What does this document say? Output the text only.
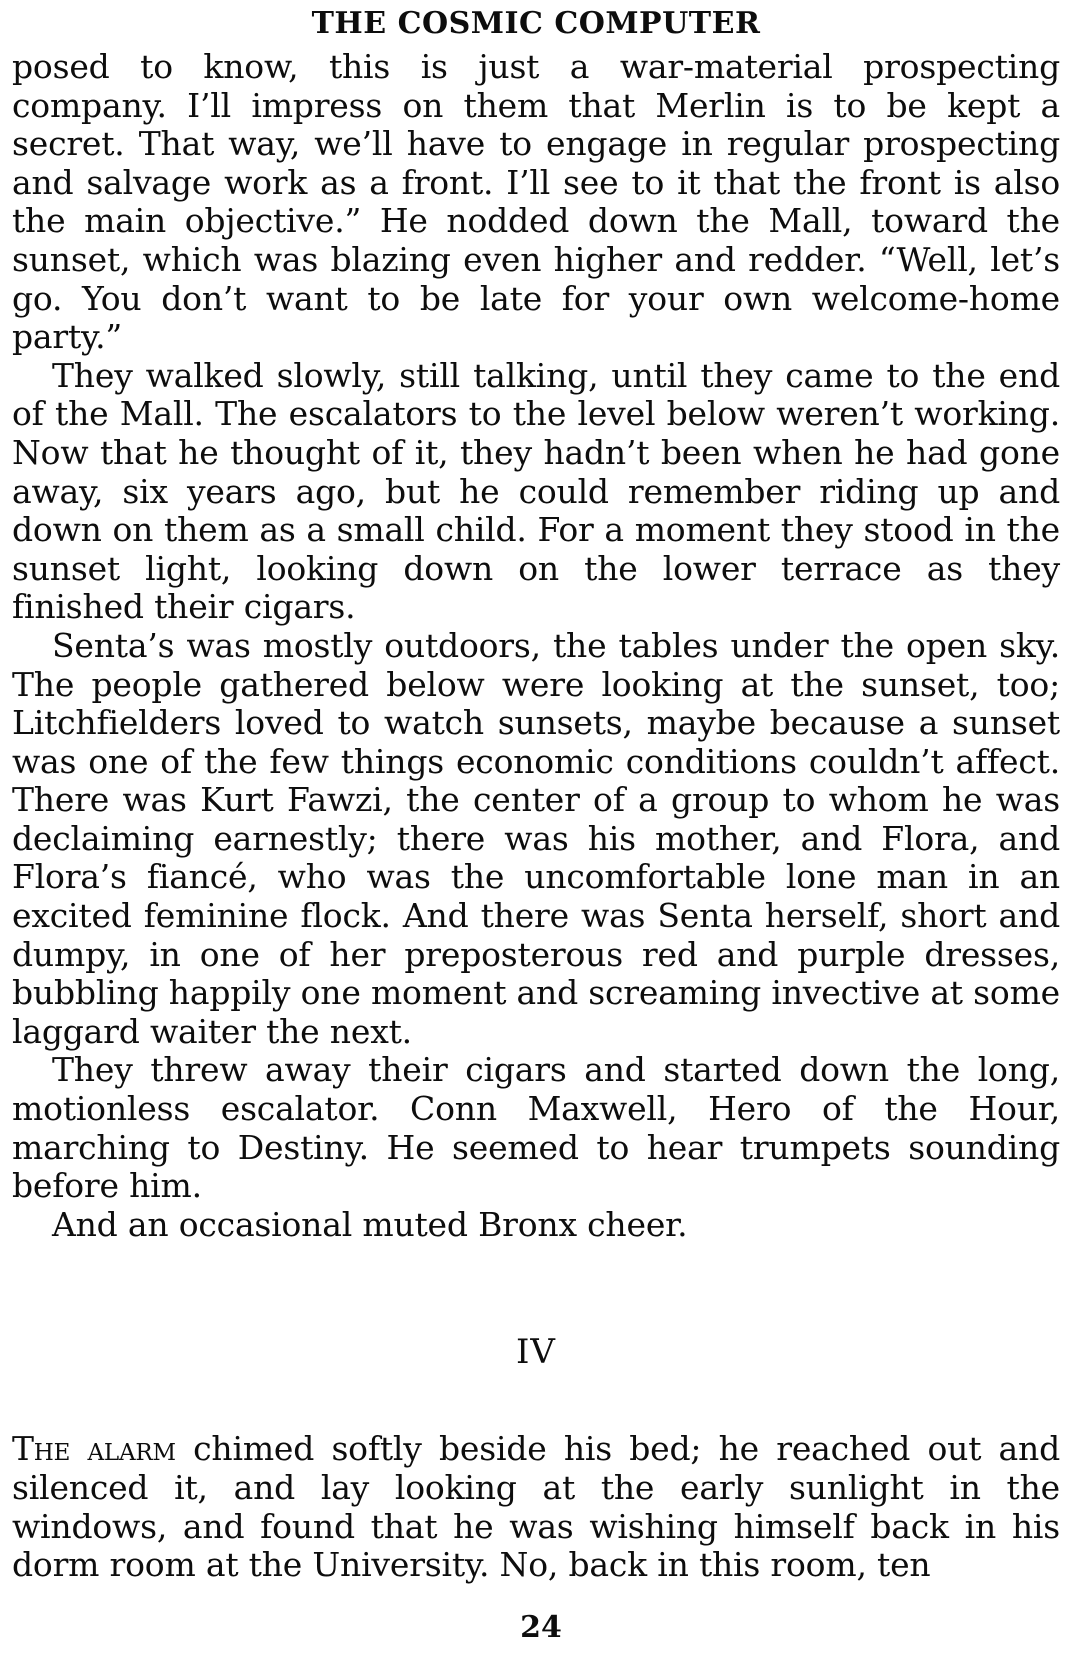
THE COSMIC COMPUTER

posed to know, this is just a war-material prospecting company. I’ll impress on them that Merlin is to be kept a secret. That way, we’ll have to engage in regular prospecting and salvage work as a front. I’ll see to it that the front is also the main objective.” He nodded down the Mall, toward the sunset, which was blazing even higher and redder. “Well, let’s go. You don’t want to be late for your own welcome-home party.”

They walked slowly, still talking, until they came to the end of the Mall. The escalators to the level below weren’t working. Now that he thought of it, they hadn’t been when he had gone away, six years ago, but he could remember riding up and down on them as a small child. For a moment they stood in the sunset light, looking down on the lower terrace as they finished their cigars.

Senta’s was mostly outdoors, the tables under the open sky. The people gathered below were looking at the sunset, too; Litchfielders loved to watch sunsets, maybe because a sunset was one of the few things economic conditions couldn’t affect. There was Kurt Fawzi, the center of a group to whom he was declaiming earnestly; there was his mother, and Flora, and Flora’s fiancé, who was the uncomfortable lone man in an excited feminine flock. And there was Senta herself, short and dumpy, in one of her preposterous red and purple dresses, bubbling happily one moment and screaming invective at some laggard waiter the next.

They threw away their cigars and started down the long, motionless escalator. Conn Maxwell, Hero of the Hour, marching to Destiny. He seemed to hear trumpets sounding before him.

And an occasional muted Bronx cheer.

IV

The alarm chimed softly beside his bed; he reached out and silenced it, and lay looking at the early sunlight in the windows, and found that he was wishing himself back in his dorm room at the University. No, back in this room, ten

24
